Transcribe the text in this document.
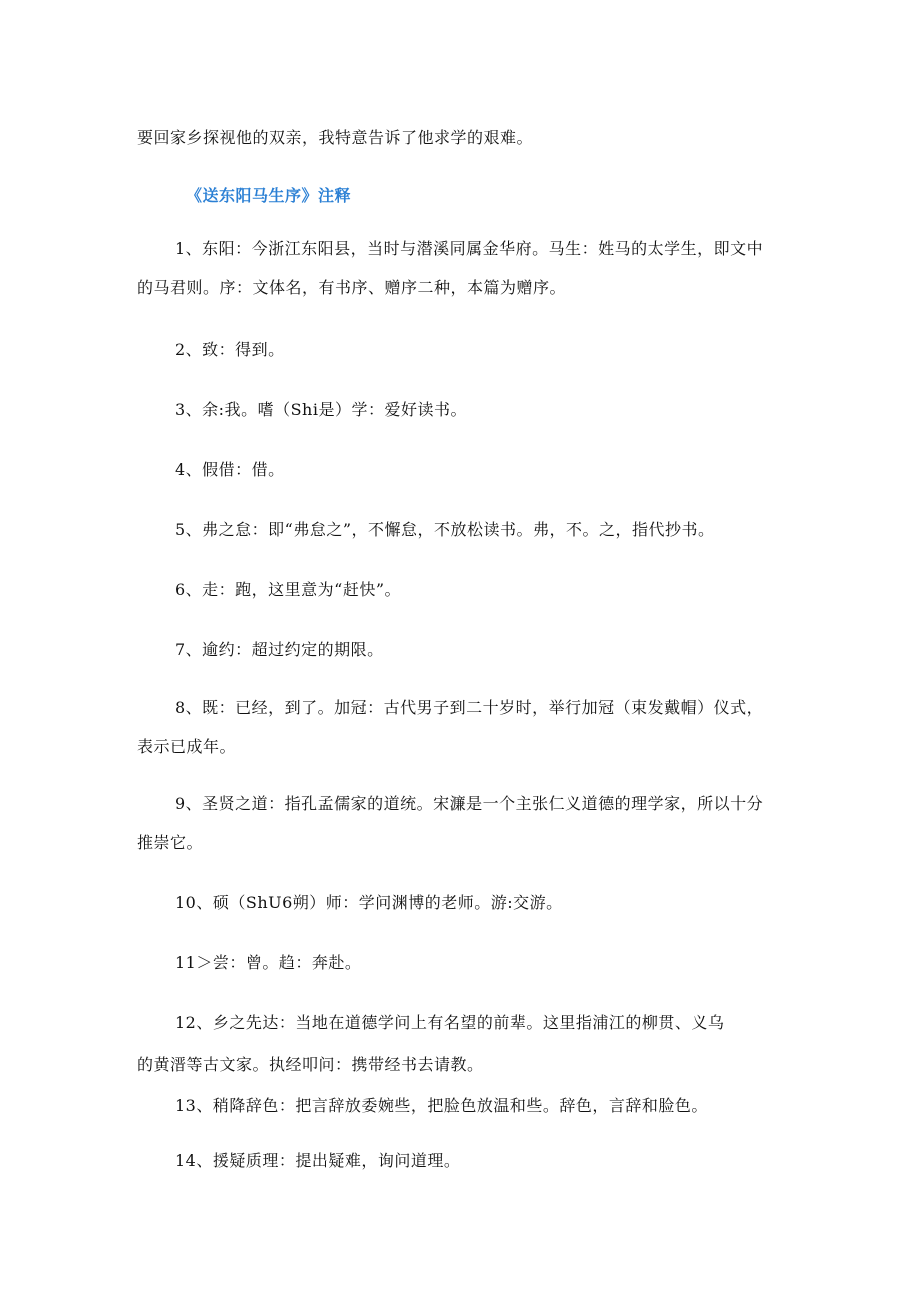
要回家乡探视他的双亲，我特意告诉了他求学的艰难。
《送东阳马生序》注释
1、东阳：今浙江东阳县，当时与潜溪同属金华府。马生：姓马的太学生，即文中
的马君则。序：文体名，有书序、赠序二种，本篇为赠序。
2、致：得到。
3、余:我。嗜（Shi是）学：爱好读书。
4、假借：借。
5、弗之怠：即“弗怠之”，不懈怠，不放松读书。弗，不。之，指代抄书。
6、走：跑，这里意为“赶快”。
7、逾约：超过约定的期限。
8、既：已经，到了。加冠：古代男子到二十岁时，举行加冠（束发戴帽）仪式，
表示已成年。
9、圣贤之道：指孔孟儒家的道统。宋濂是一个主张仁义道德的理学家，所以十分
推崇它。
10、硕（ShU6朔）师：学问渊博的老师。游:交游。
11＞尝：曾。趋：奔赴。
12、乡之先达：当地在道德学问上有名望的前辈。这里指浦江的柳贯、义乌
的黄溍等古文家。执经叩问：携带经书去请教。
13、稍降辞色：把言辞放委婉些，把脸色放温和些。辞色，言辞和脸色。
14、援疑质理：提出疑难，询问道理。
